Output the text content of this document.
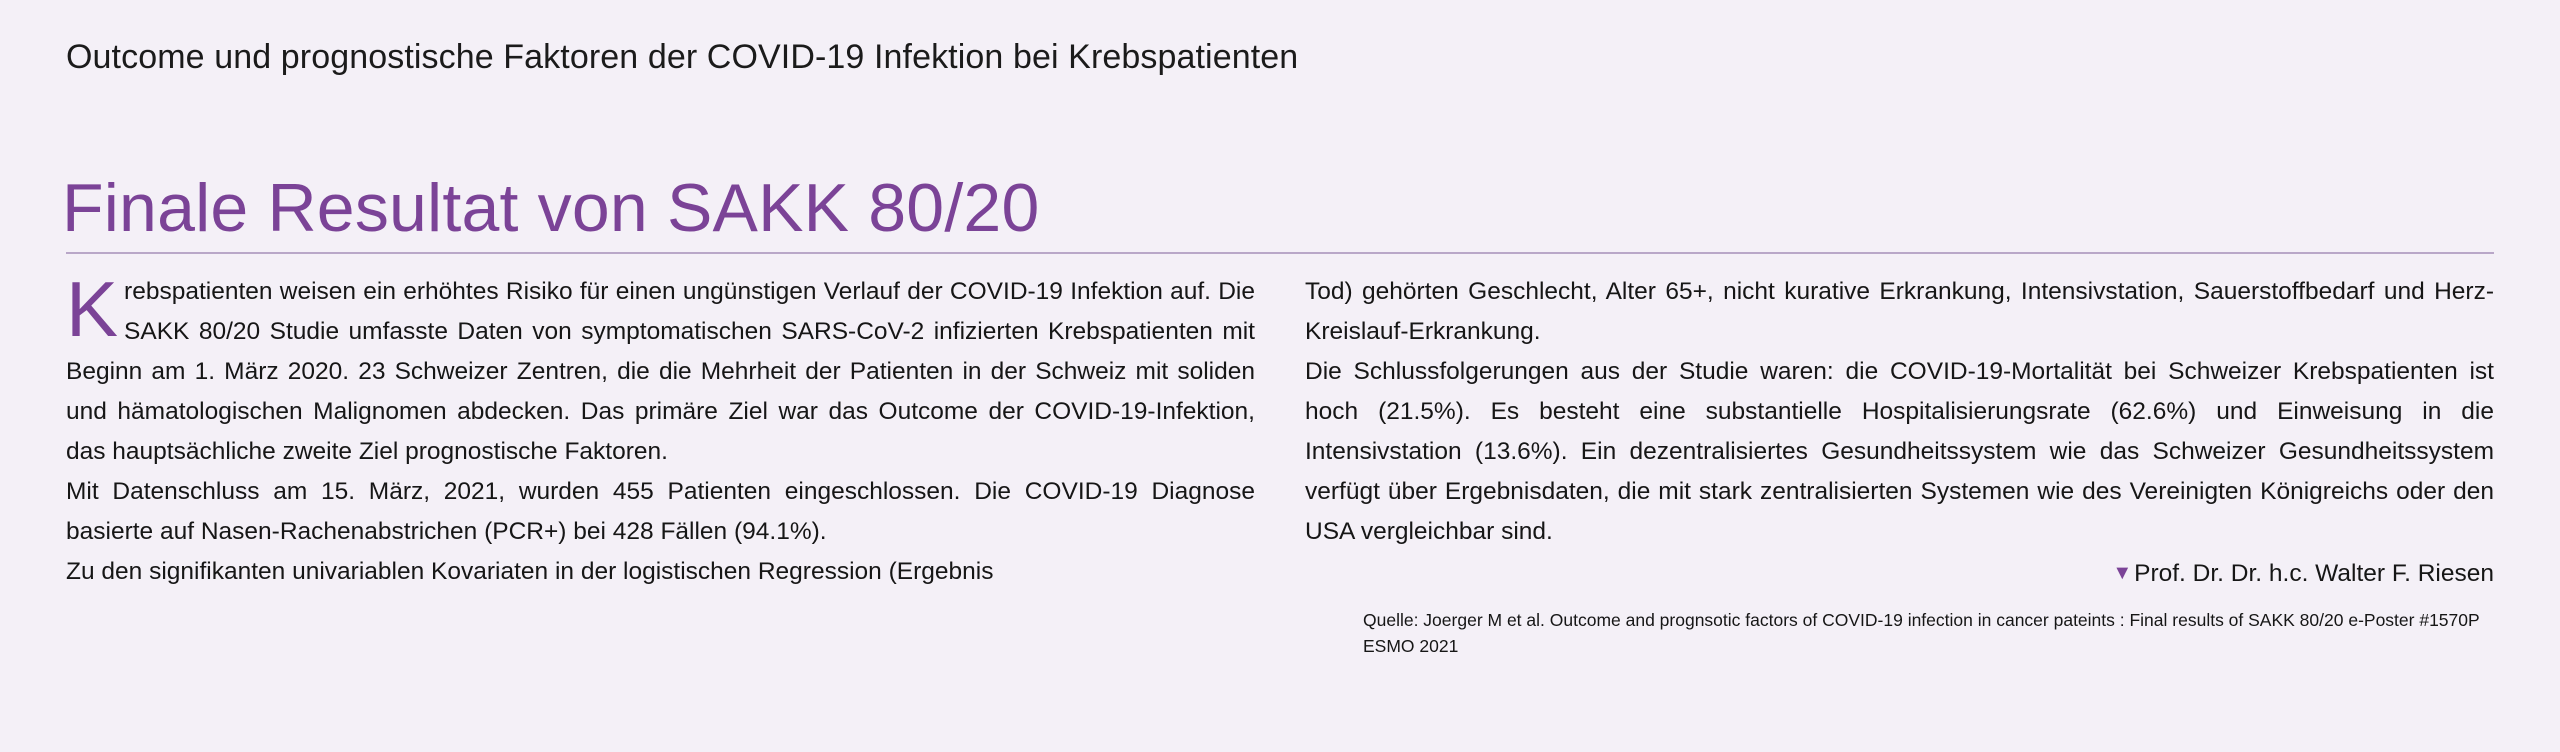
Outcome und prognostische Faktoren der COVID-19 Infektion bei Krebspatienten
Finale Resultat von SAKK 80/20

Krebspatienten weisen ein erhöhtes Risiko für einen ungünstigen Verlauf der COVID-19 Infektion auf. Die SAKK 80/20 Studie umfasste Daten von symptomatischen SARS-CoV-2 infizierten Krebspatienten mit Beginn am 1. März 2020. 23 Schweizer Zentren, die die Mehrheit der Patienten in der Schweiz mit soliden und hämatologischen Malignomen abdecken. Das primäre Ziel war das Outcome der COVID-19-Infektion, das hauptsächliche zweite Ziel prognostische Faktoren.

Mit Datenschluss am 15. März, 2021, wurden 455 Patienten eingeschlossen. Die COVID-19 Diagnose basierte auf Nasen-Rachenabstrichen (PCR+) bei 428 Fällen (94.1%).

Zu den signifikanten univariablen Kovariaten in der logistischen Regression (Ergebnis

Tod) gehörten Geschlecht, Alter 65+, nicht kurative Erkrankung, Intensivstation, Sauerstoffbedarf und Herz-Kreislauf-Erkrankung.

Die Schlussfolgerungen aus der Studie waren: die COVID-19-Mortalität bei Schweizer Krebspatienten ist hoch (21.5%). Es besteht eine substantielle Hospitalisierungsrate (62.6%) und Einweisung in die Intensivstation (13.6%). Ein dezentralisiertes Gesundheitssystem wie das Schweizer Gesundheitssystem verfügt über Ergebnisdaten, die mit stark zentralisierten Systemen wie des Vereinigten Königreichs oder den USA vergleichbar sind.

▼Prof. Dr. Dr. h.c. Walter F. Riesen
Quelle: Joerger M et al. Outcome and prognsotic factors of COVID-19 infection in cancer pateints : Final results of SAKK 80/20 e-Poster #1570P ESMO 2021
